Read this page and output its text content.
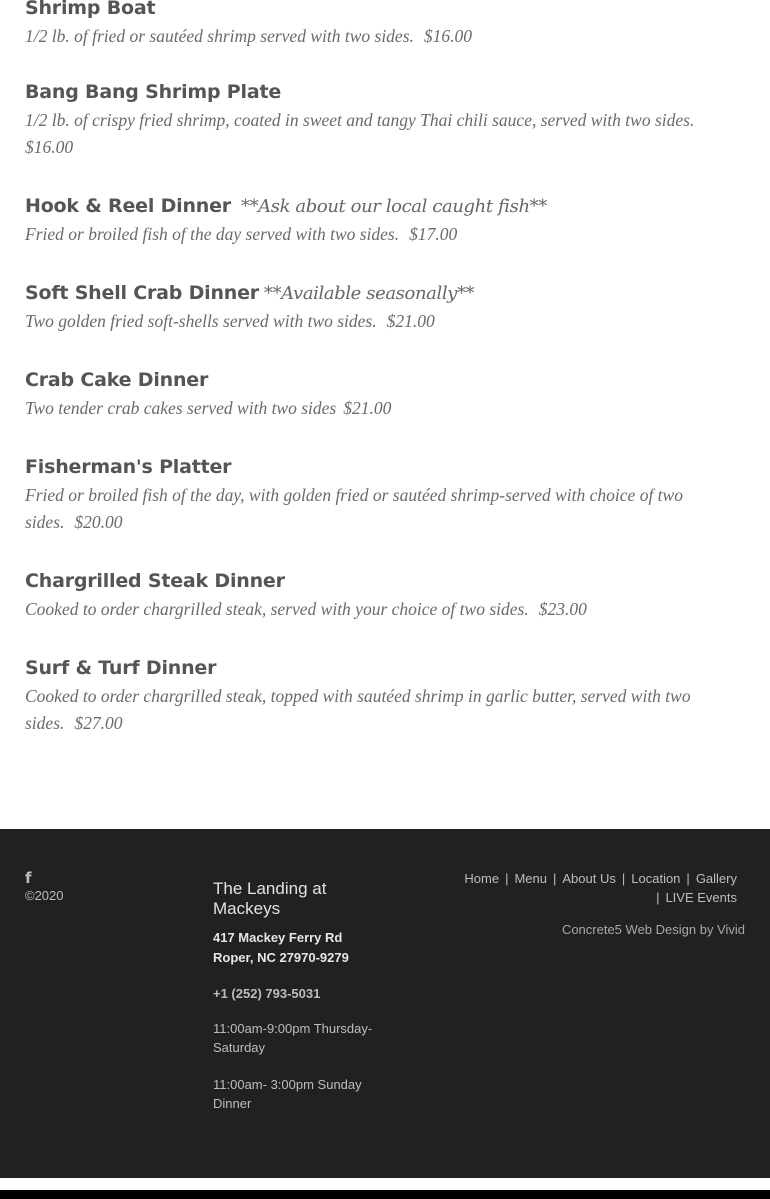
Shrimp Boat
1/2 lb. of fried or sautéed shrimp served with two sides. $16.00
Bang Bang Shrimp Plate
1/2 lb. of crispy fried shrimp, coated in sweet and tangy Thai chili sauce, served with two sides.
$16.00
Hook & Reel Dinner **Ask about our local caught fish**
Fried or broiled fish of the day served with two sides. $17.00
Soft Shell Crab Dinner **Available seasonally**
Two golden fried soft-shells served with two sides. $21.00
Crab Cake Dinner
Two tender crab cakes served with two sides $21.00
Fisherman's Platter
Fried or broiled fish of the day, with golden fried or sautéed shrimp-served with choice of two sides. $20.00
Chargrilled Steak Dinner
Cooked to order chargrilled steak, served with your choice of two sides. $23.00
Surf & Turf Dinner
Cooked to order chargrilled steak, topped with sautéed shrimp in garlic butter, served with two sides. $27.00
f
©2020	The Landing at Mackeys
417 Mackey Ferry Rd
Roper, NC 27970-9279
+1 (252) 793-5031
11:00am-9:00pm Thursday-Saturday
11:00am- 3:00pm Sunday Dinner
Home | Menu | About Us | Location | Gallery
| LIVE Events
Concrete5 Web Design by Vivid
